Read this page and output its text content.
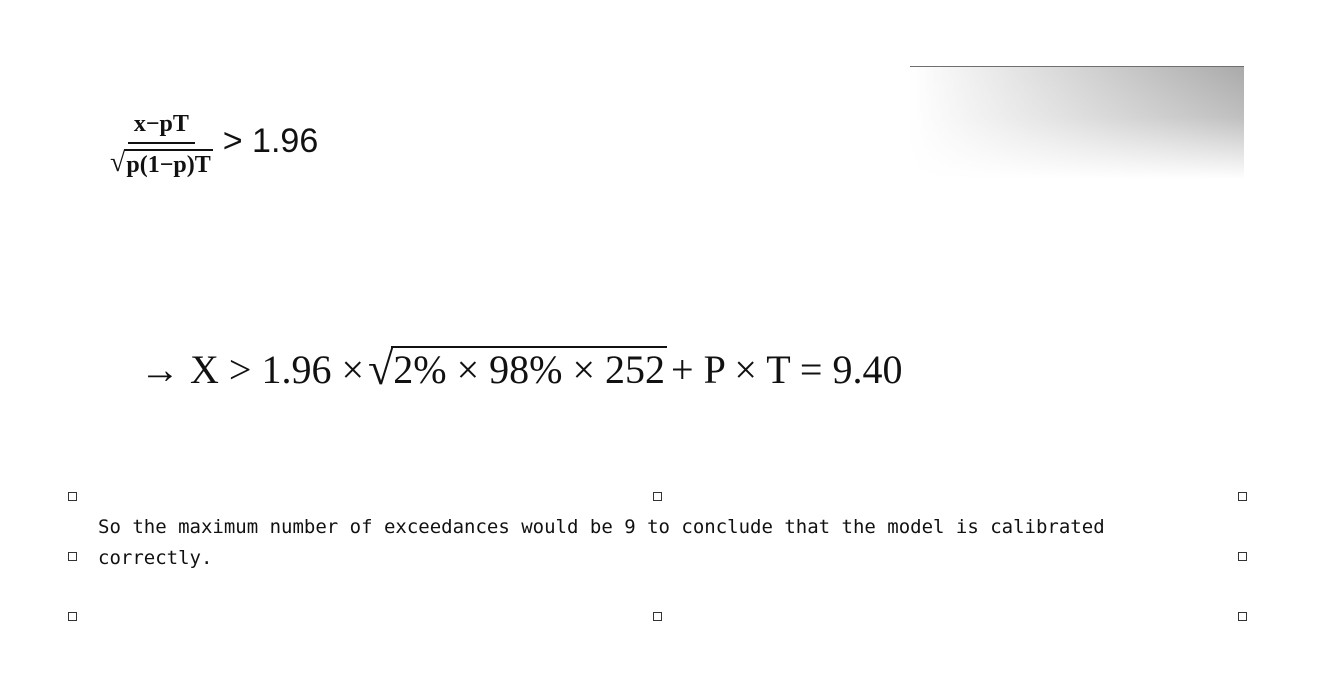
$\frac{x-pT}{√ p(1-p)T} > 1.96$
→ X > 1.96 × √ 2% × 98% × 252 + P × T = 9.40
So the maximum number of exceedances would be 9 to conclude that the model is calibrated correctly.
